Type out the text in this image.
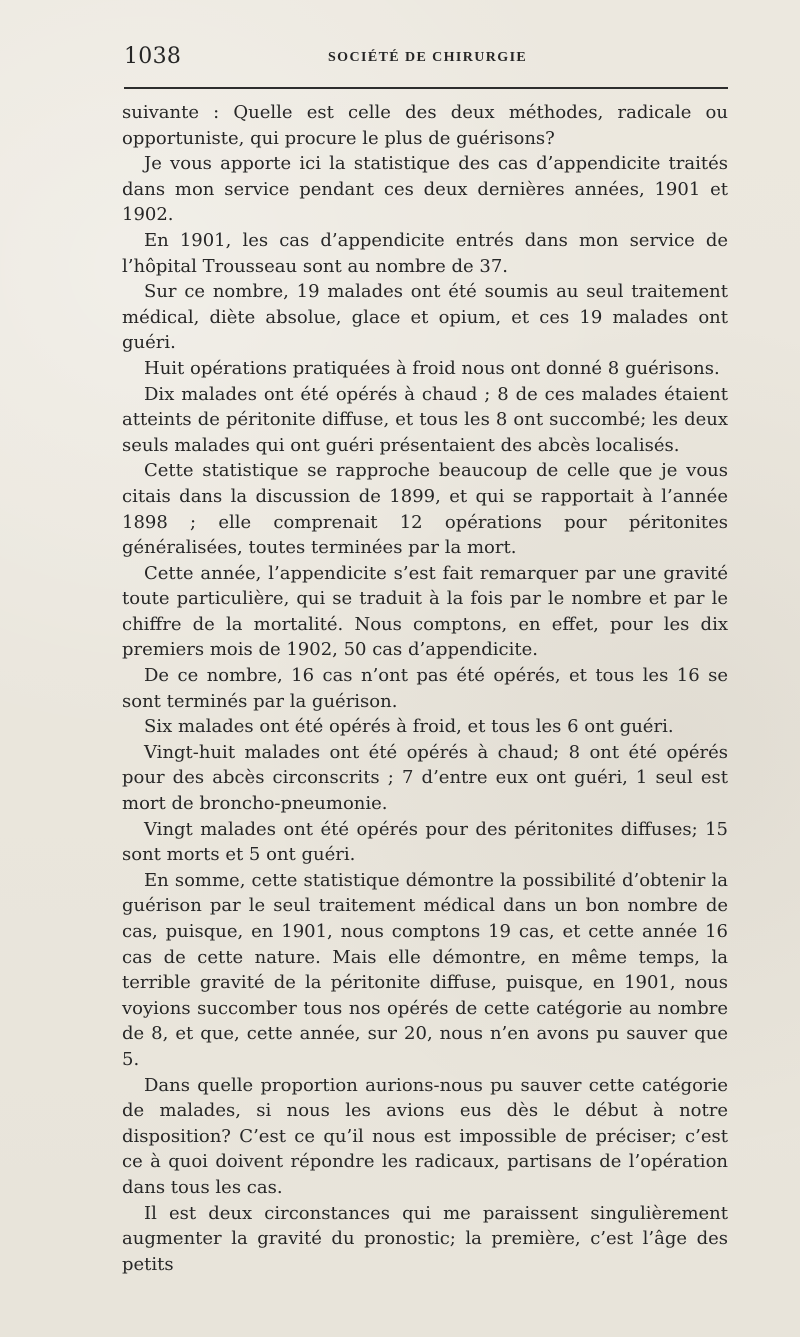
1038	SOCIÉTÉ DE CHIRURGIE

suivante : Quelle est celle des deux méthodes, radicale ou opportuniste, qui procure le plus de guérisons?

Je vous apporte ici la statistique des cas d’appendicite traités dans mon service pendant ces deux dernières années, 1901 et 1902.

En 1901, les cas d’appendicite entrés dans mon service de l’hôpital Trousseau sont au nombre de 37.

Sur ce nombre, 19 malades ont été soumis au seul traitement médical, diète absolue, glace et opium, et ces 19 malades ont guéri.

Huit opérations pratiquées à froid nous ont donné 8 guérisons.

Dix malades ont été opérés à chaud ; 8 de ces malades étaient atteints de péritonite diffuse, et tous les 8 ont succombé; les deux seuls malades qui ont guéri présentaient des abcès localisés.

Cette statistique se rapproche beaucoup de celle que je vous citais dans la discussion de 1899, et qui se rapportait à l’année 1898 ; elle comprenait 12 opérations pour péritonites généralisées, toutes terminées par la mort.

Cette année, l’appendicite s’est fait remarquer par une gravité toute particulière, qui se traduit à la fois par le nombre et par le chiffre de la mortalité. Nous comptons, en effet, pour les dix premiers mois de 1902, 50 cas d’appendicite.

De ce nombre, 16 cas n’ont pas été opérés, et tous les 16 se sont terminés par la guérison.

Six malades ont été opérés à froid, et tous les 6 ont guéri.

Vingt-huit malades ont été opérés à chaud; 8 ont été opérés pour des abcès circonscrits ; 7 d’entre eux ont guéri, 1 seul est mort de broncho-pneumonie.

Vingt malades ont été opérés pour des péritonites diffuses; 15 sont morts et 5 ont guéri.

En somme, cette statistique démontre la possibilité d’obtenir la guérison par le seul traitement médical dans un bon nombre de cas, puisque, en 1901, nous comptons 19 cas, et cette année 16 cas de cette nature. Mais elle démontre, en même temps, la terrible gravité de la péritonite diffuse, puisque, en 1901, nous voyions succomber tous nos opérés de cette catégorie au nombre de 8, et que, cette année, sur 20, nous n’en avons pu sauver que 5.

Dans quelle proportion aurions-nous pu sauver cette catégorie de malades, si nous les avions eus dès le début à notre disposition? C’est ce qu’il nous est impossible de préciser; c’est ce à quoi doivent répondre les radicaux, partisans de l’opération dans tous les cas.

Il est deux circonstances qui me paraissent singulièrement augmenter la gravité du pronostic; la première, c’est l’âge des petits
